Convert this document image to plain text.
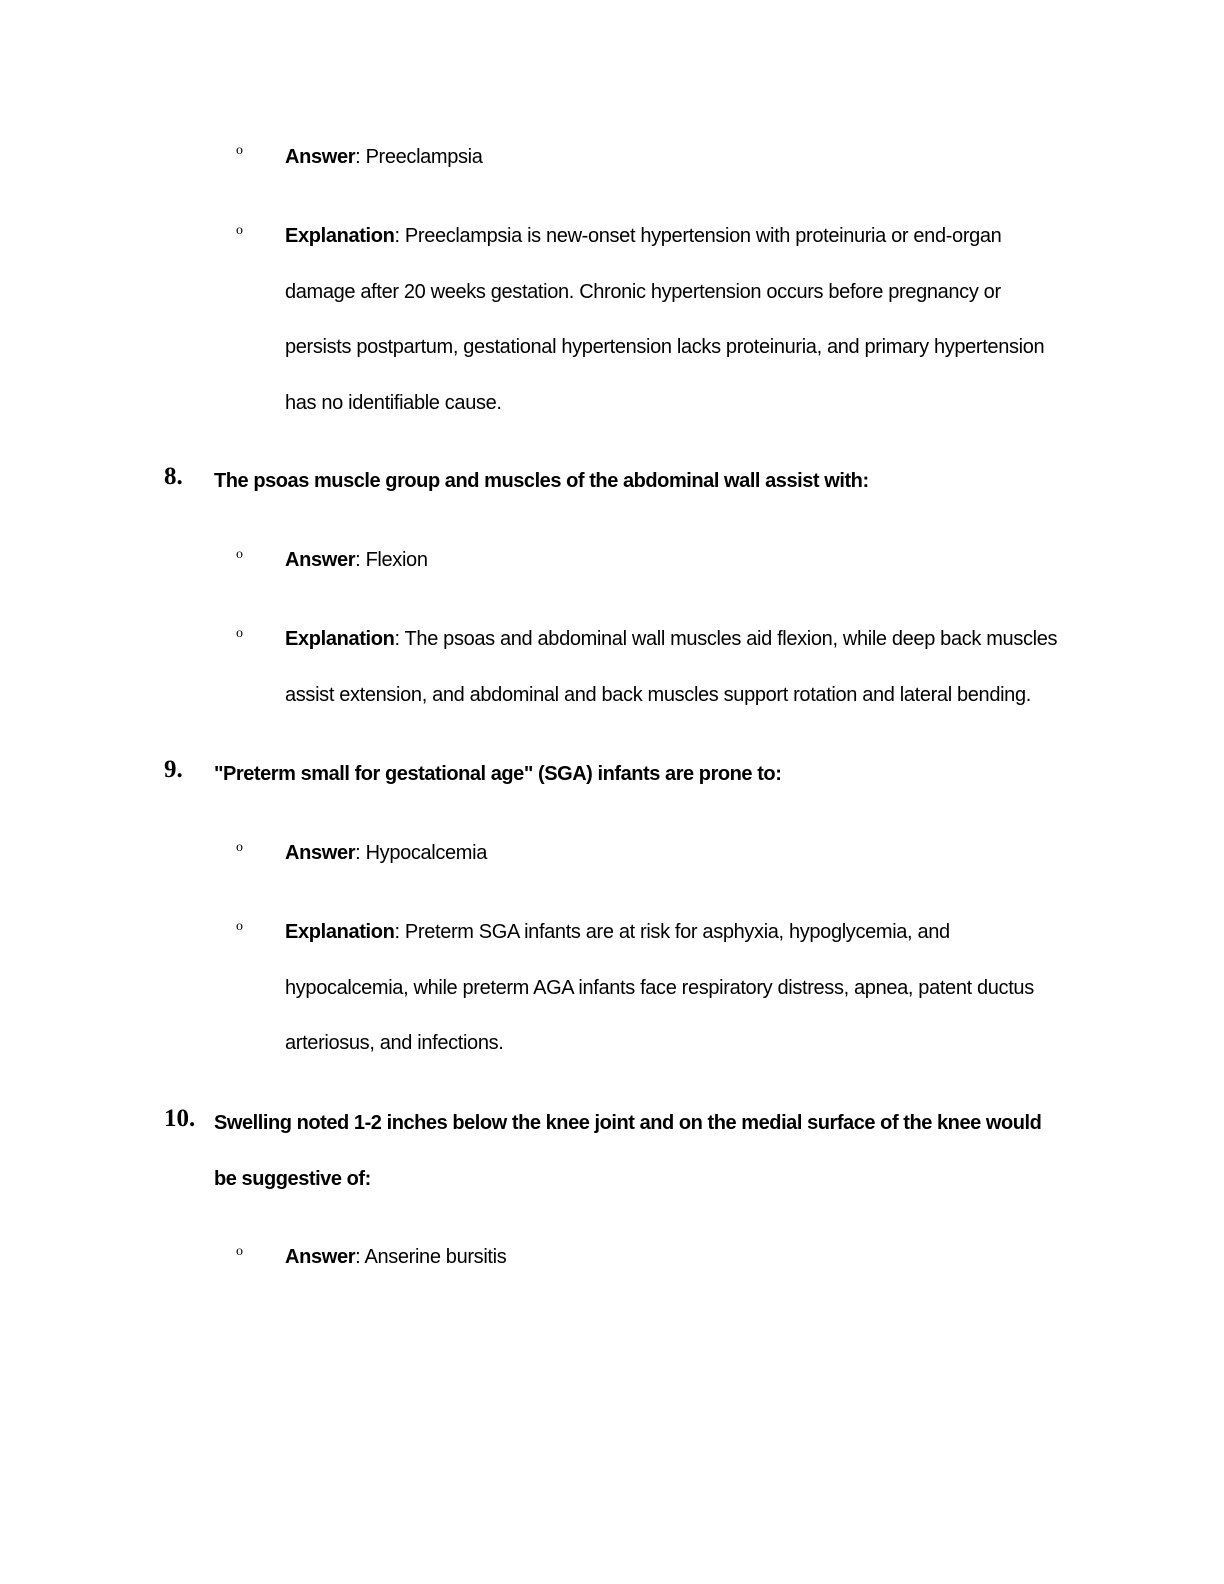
o Answer: Preeclampsia
o Explanation: Preeclampsia is new-onset hypertension with proteinuria or end-organ
damage after 20 weeks gestation. Chronic hypertension occurs before pregnancy or
persists postpartum, gestational hypertension lacks proteinuria, and primary hypertension
has no identifiable cause.
8. The psoas muscle group and muscles of the abdominal wall assist with:
o Answer: Flexion
o Explanation: The psoas and abdominal wall muscles aid flexion, while deep back muscles
assist extension, and abdominal and back muscles support rotation and lateral bending.
9. "Preterm small for gestational age" (SGA) infants are prone to:
o Answer: Hypocalcemia
o Explanation: Preterm SGA infants are at risk for asphyxia, hypoglycemia, and
hypocalcemia, while preterm AGA infants face respiratory distress, apnea, patent ductus
arteriosus, and infections.
10. Swelling noted 1-2 inches below the knee joint and on the medial surface of the knee would
be suggestive of:
o Answer: Anserine bursitis
